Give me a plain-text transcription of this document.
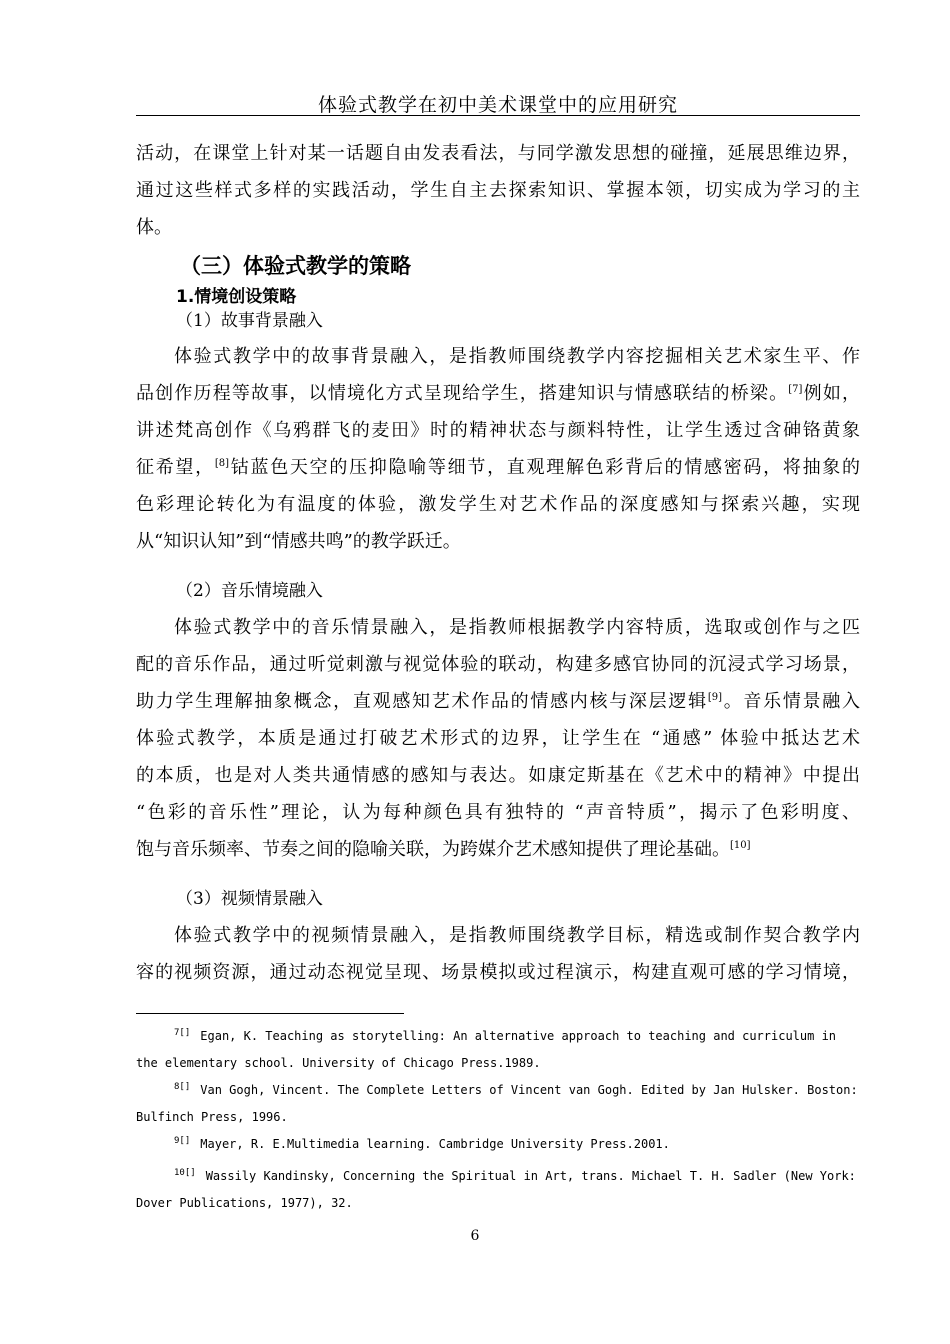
体验式教学在初中美术课堂中的应用研究

活动，在课堂上针对某一话题自由发表看法，与同学激发思想的碰撞，延展思维边界，

通过这些样式多样的实践活动，学生自主去探索知识、掌握本领，切实成为学习的主

体。

（三）体验式教学的策略
1.情境创设策略
（1）故事背景融入

体验式教学中的故事背景融入，是指教师围绕教学内容挖掘相关艺术家生平、作

品创作历程等故事，以情境化方式呈现给学生，搭建知识与情感联结的桥梁。[7]例如，

讲述梵高创作《乌鸦群飞的麦田》时的精神状态与颜料特性，让学生透过含砷铬黄象

征希望，[8]钴蓝色天空的压抑隐喻等细节，直观理解色彩背后的情感密码，将抽象的

色彩理论转化为有温度的体验，激发学生对艺术作品的深度感知与探索兴趣，实现

从“知识认知”到“情感共鸣”的教学跃迁。

（2）音乐情境融入

体验式教学中的音乐情景融入，是指教师根据教学内容特质，选取或创作与之匹

配的音乐作品，通过听觉刺激与视觉体验的联动，构建多感官协同的沉浸式学习场景，

助力学生理解抽象概念，直观感知艺术作品的情感内核与深层逻辑[9]。音乐情景融入

体验式教学，本质是通过打破艺术形式的边界，让学生在 “通感” 体验中抵达艺术

的本质，也是对人类共通情感的感知与表达。如康定斯基在《艺术中的精神》中提出

“色彩的音乐性”理论，认为每种颜色具有独特的 “声音特质”，揭示了色彩明度、

饱与音乐频率、节奏之间的隐喻关联，为跨媒介艺术感知提供了理论基础。[10]

（3）视频情景融入

体验式教学中的视频情景融入，是指教师围绕教学目标，精选或制作契合教学内

容的视频资源，通过动态视觉呈现、场景模拟或过程演示，构建直观可感的学习情境，

7[] Egan, K. Teaching as storytelling: An alternative approach to teaching and curriculum in
the elementary school. University of Chicago Press.1989.

8[] Van Gogh, Vincent. The Complete Letters of Vincent van Gogh. Edited by Jan Hulsker. Boston:
Bulfinch Press, 1996.

9[] Mayer, R. E.Multimedia learning. Cambridge University Press.2001.

10[] Wassily Kandinsky, Concerning the Spiritual in Art, trans. Michael T. H. Sadler (New York:
Dover Publications, 1977), 32.

6
